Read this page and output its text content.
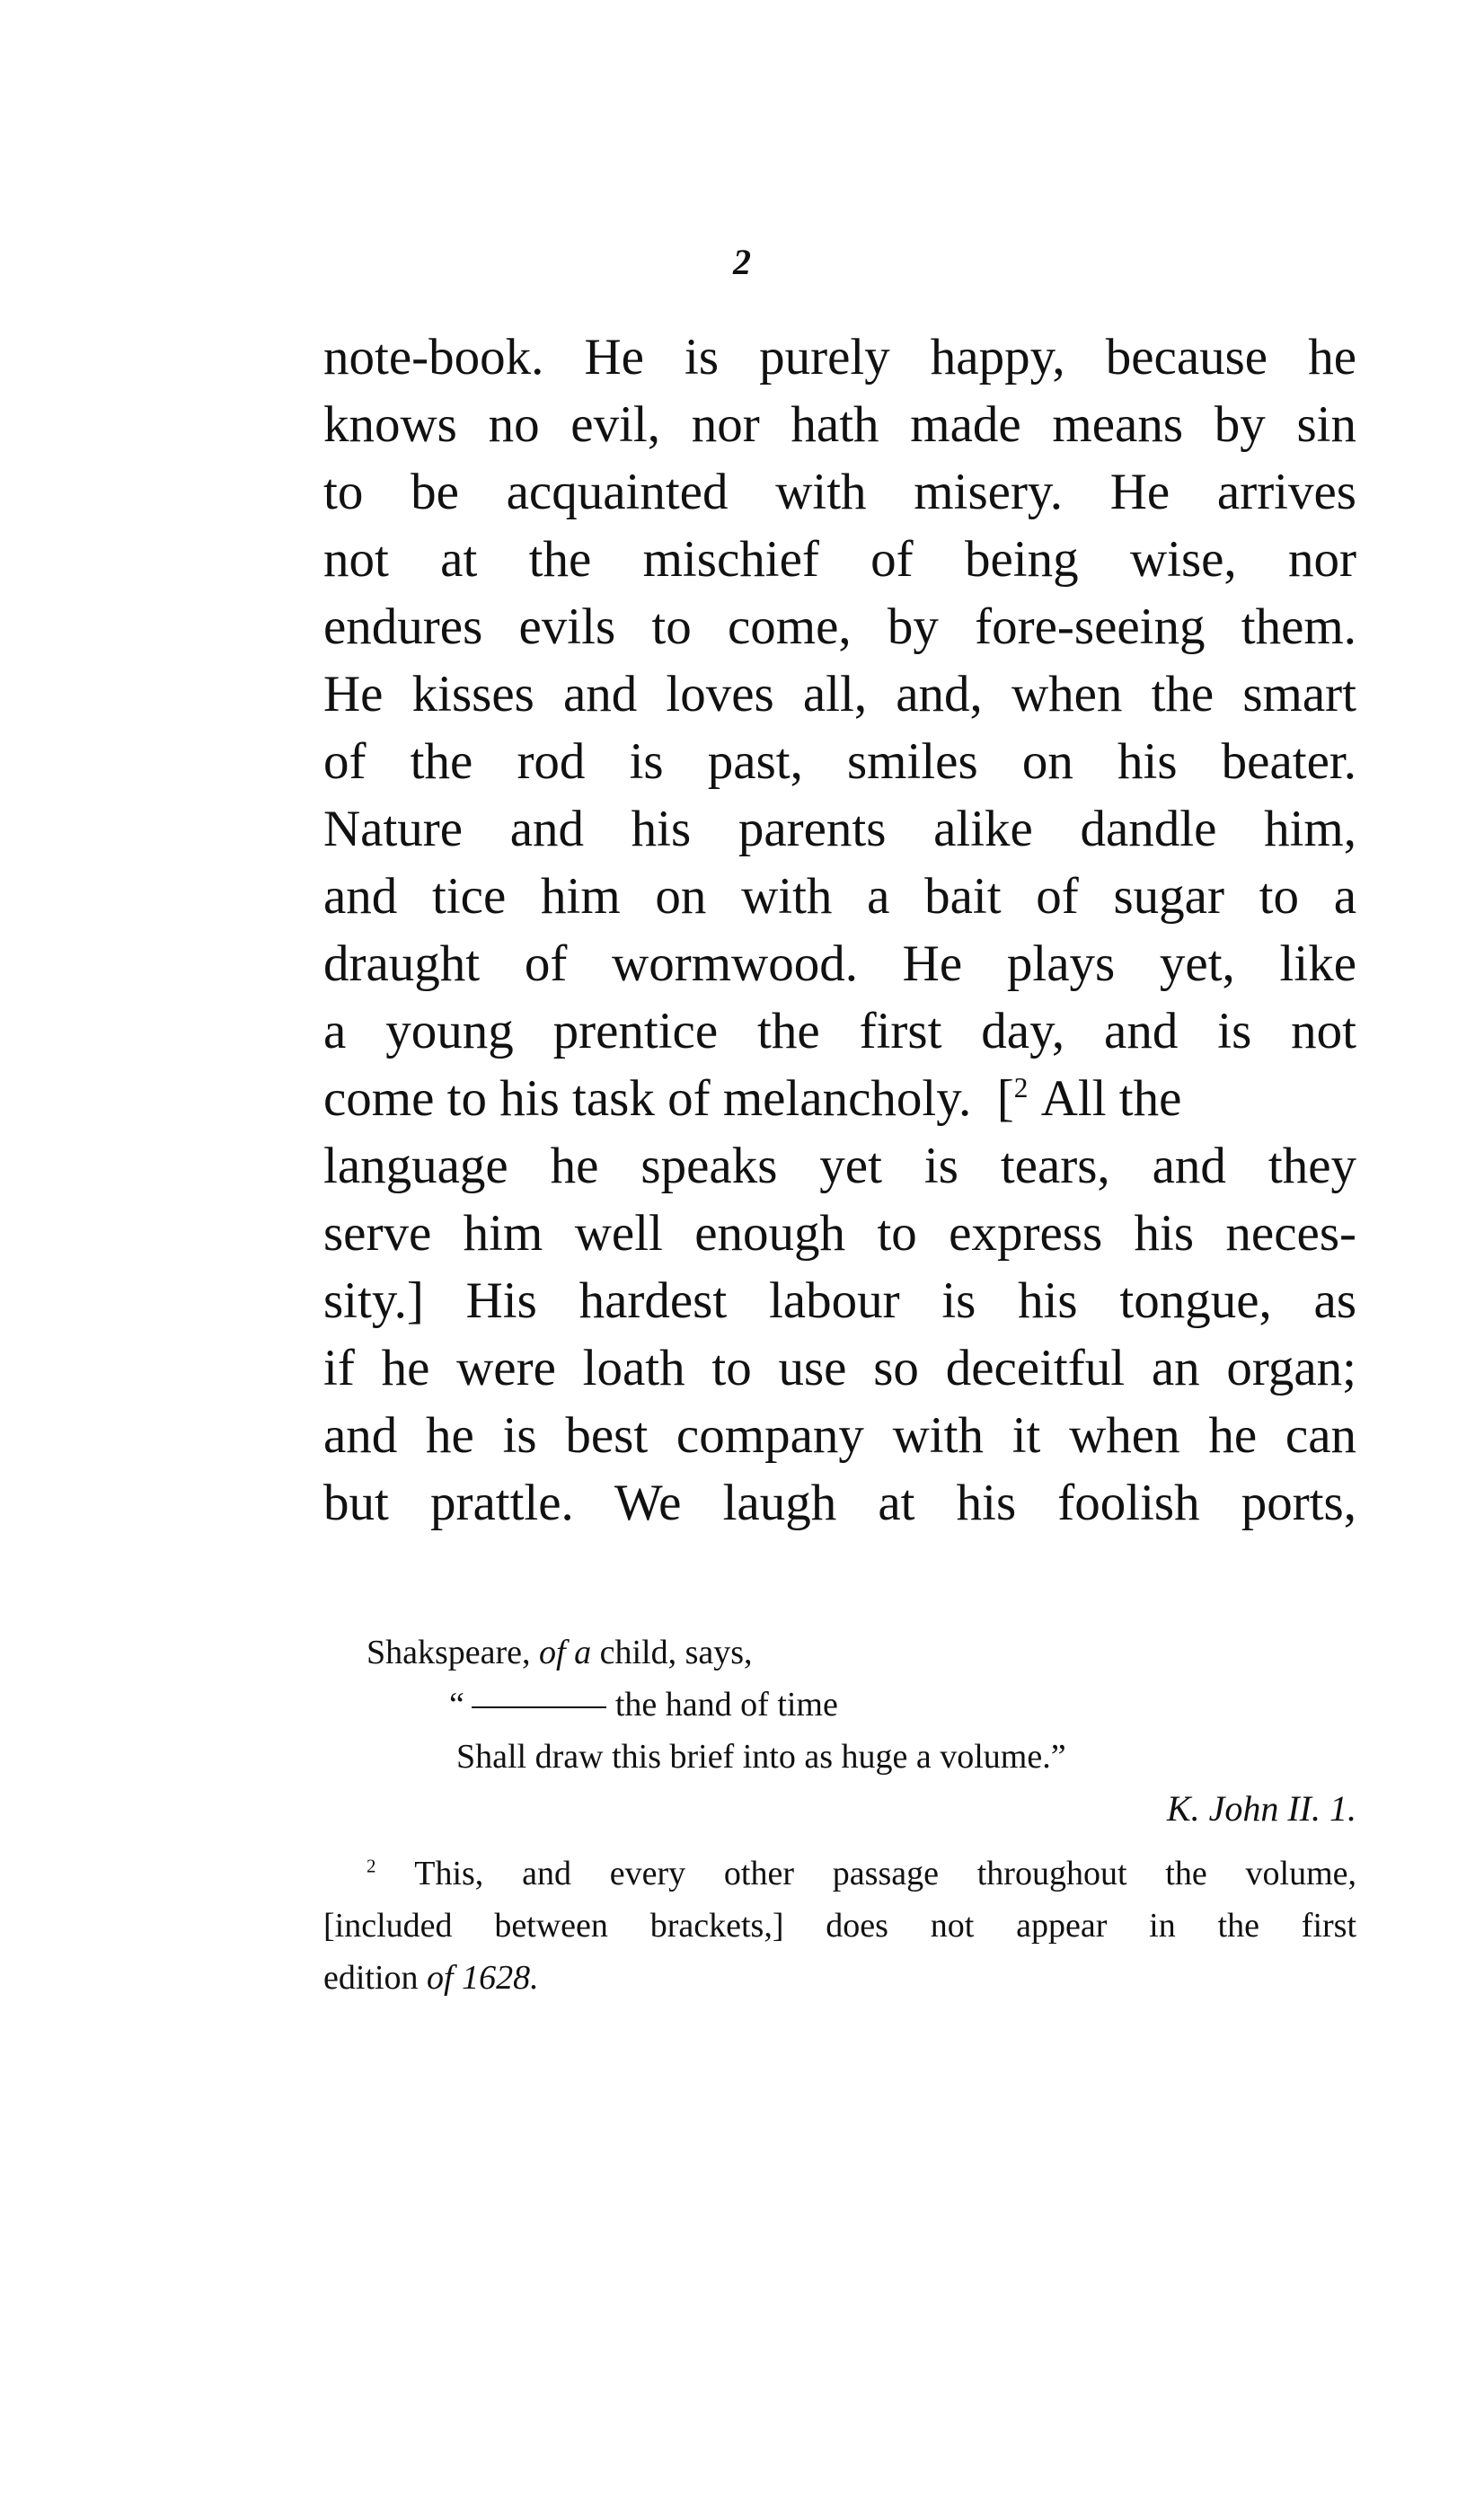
2
note-book. He is purely happy, because he
knows no evil, nor hath made means by sin
to be acquainted with misery. He arrives
not at the mischief of being wise, nor
endures evils to come, by fore-seeing them.
He kisses and loves all, and, when the smart
of the rod is past, smiles on his beater.
Nature and his parents alike dandle him,
and tice him on with a bait of sugar to a
draught of wormwood. He plays yet, like
a young prentice the first day, and is not
come to his task of melancholy. [$^2$ All the
language he speaks yet is tears, and they
serve him well enough to express his neces-
sity.] His hardest labour is his tongue, as
if he were loath to use so deceitful an organ;
and he is best company with it when he can
but prattle. We laugh at his foolish ports,
Shakspeare, of a child, says,
“	the hand of time
Shall draw this brief into as huge a volume.”
K. John II. 1.
$^2$ This, and every other passage throughout the volume,
[included between brackets,] does not appear in the first
edition of 1628.
